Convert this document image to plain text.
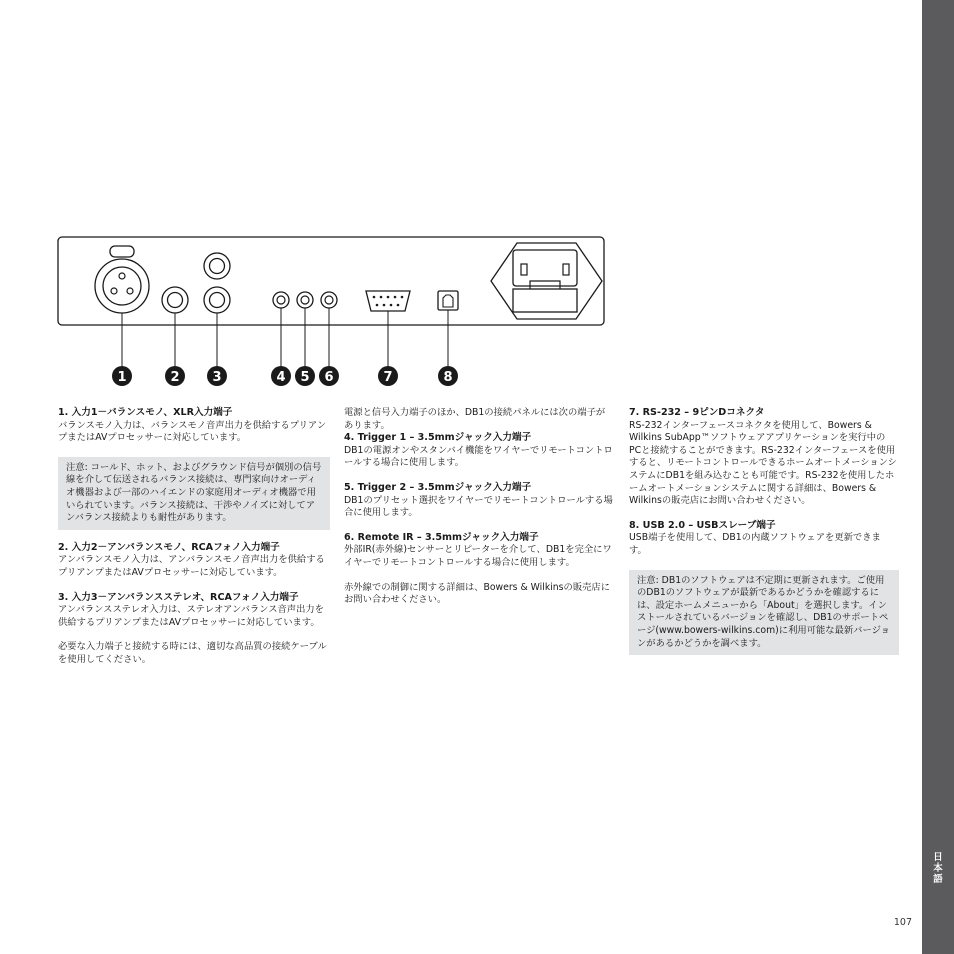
日本語
107
1	2	3	4 5 6	7	8
1. 入力1－バランスモノ、XLR入力端子

バランスモノ入力は、バランスモノ音声出力を供給するプリアンプまたはAVプロセッサーに対応しています。

注意: コールド、ホット、およびグラウンド信号が個別の信号線を介して伝送されるバランス接続は、専門家向けオーディオ機器および一部のハイエンドの家庭用オーディオ機器で用いられています。バランス接続は、干渉やノイズに対してアンバランス接続よりも耐性があります。

2. 入力2－アンバランスモノ、RCAフォノ入力端子

アンバランスモノ入力は、アンバランスモノ音声出力を供給するプリアンプまたはAVプロセッサーに対応しています。

3. 入力3－アンバランスステレオ、RCAフォノ入力端子

アンバランスステレオ入力は、ステレオアンバランス音声出力を供給するプリアンプまたはAVプロセッサーに対応しています。

必要な入力端子と接続する時には、適切な高品質の接続ケーブルを使用してください。

電源と信号入力端子のほか、DB1の接続パネルには次の端子があります。

4. Trigger 1 – 3.5mmジャック入力端子

DB1の電源オンやスタンバイ機能をワイヤーでリモートコントロールする場合に使用します。

5. Trigger 2 – 3.5mmジャック入力端子

DB1のプリセット選択をワイヤーでリモートコントロールする場合に使用します。

6. Remote IR – 3.5mmジャック入力端子

外部IR(赤外線)センサーとリピーターを介して、DB1を完全にワイヤーでリモートコントロールする場合に使用します。

赤外線での制御に関する詳細は、Bowers & Wilkinsの販売店にお問い合わせください。

7. RS-232 – 9ピンDコネクタ

RS-232インターフェースコネクタを使用して、Bowers & Wilkins SubApp™ソフトウェアアプリケーションを実行中のPCと接続することができます。RS-232インターフェースを使用すると、リモートコントロールできるホームオートメーションシステムにDB1を組み込むことも可能です。RS-232を使用したホームオートメーションシステムに関する詳細は、Bowers & Wilkinsの販売店にお問い合わせください。

8. USB 2.0 – USBスレーブ端子

USB端子を使用して、DB1の内蔵ソフトウェアを更新できます。

注意: DB1のソフトウェアは不定期に更新されます。ご使用のDB1のソフトウェアが最新であるかどうかを確認するには、設定ホームメニューから「About」を選択します。インストールされているバージョンを確認し、DB1のサポートページ(www.bowers-wilkins.com)に利用可能な最新バージョンがあるかどうかを調べます。
